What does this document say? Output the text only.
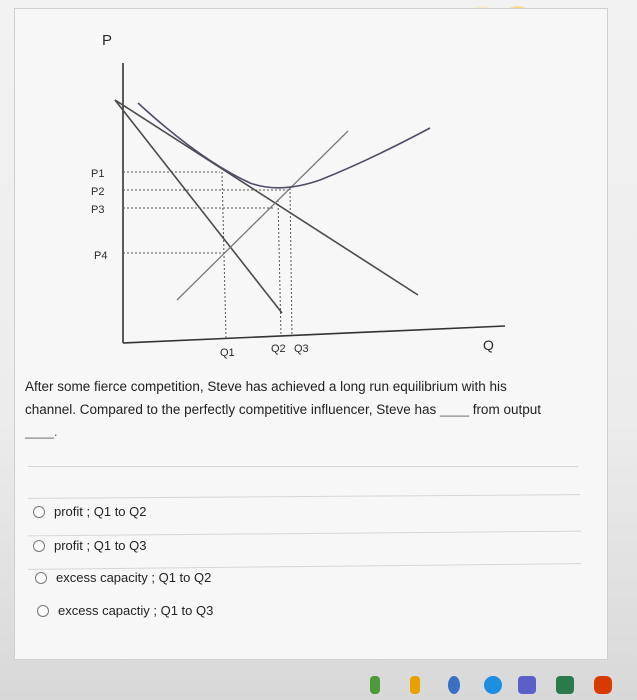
P
Q
P1
P2
P3
P4
Q1	Q2 Q3
After some fierce competition, Steve has achieved a long run equilibrium with his
channel. Compared to the perfectly competitive influencer, Steve has ____ from output
____.
profit ; Q1 to Q2
profit ; Q1 to Q3
excess capacity ; Q1 to Q2
excess capactiy ; Q1 to Q3
